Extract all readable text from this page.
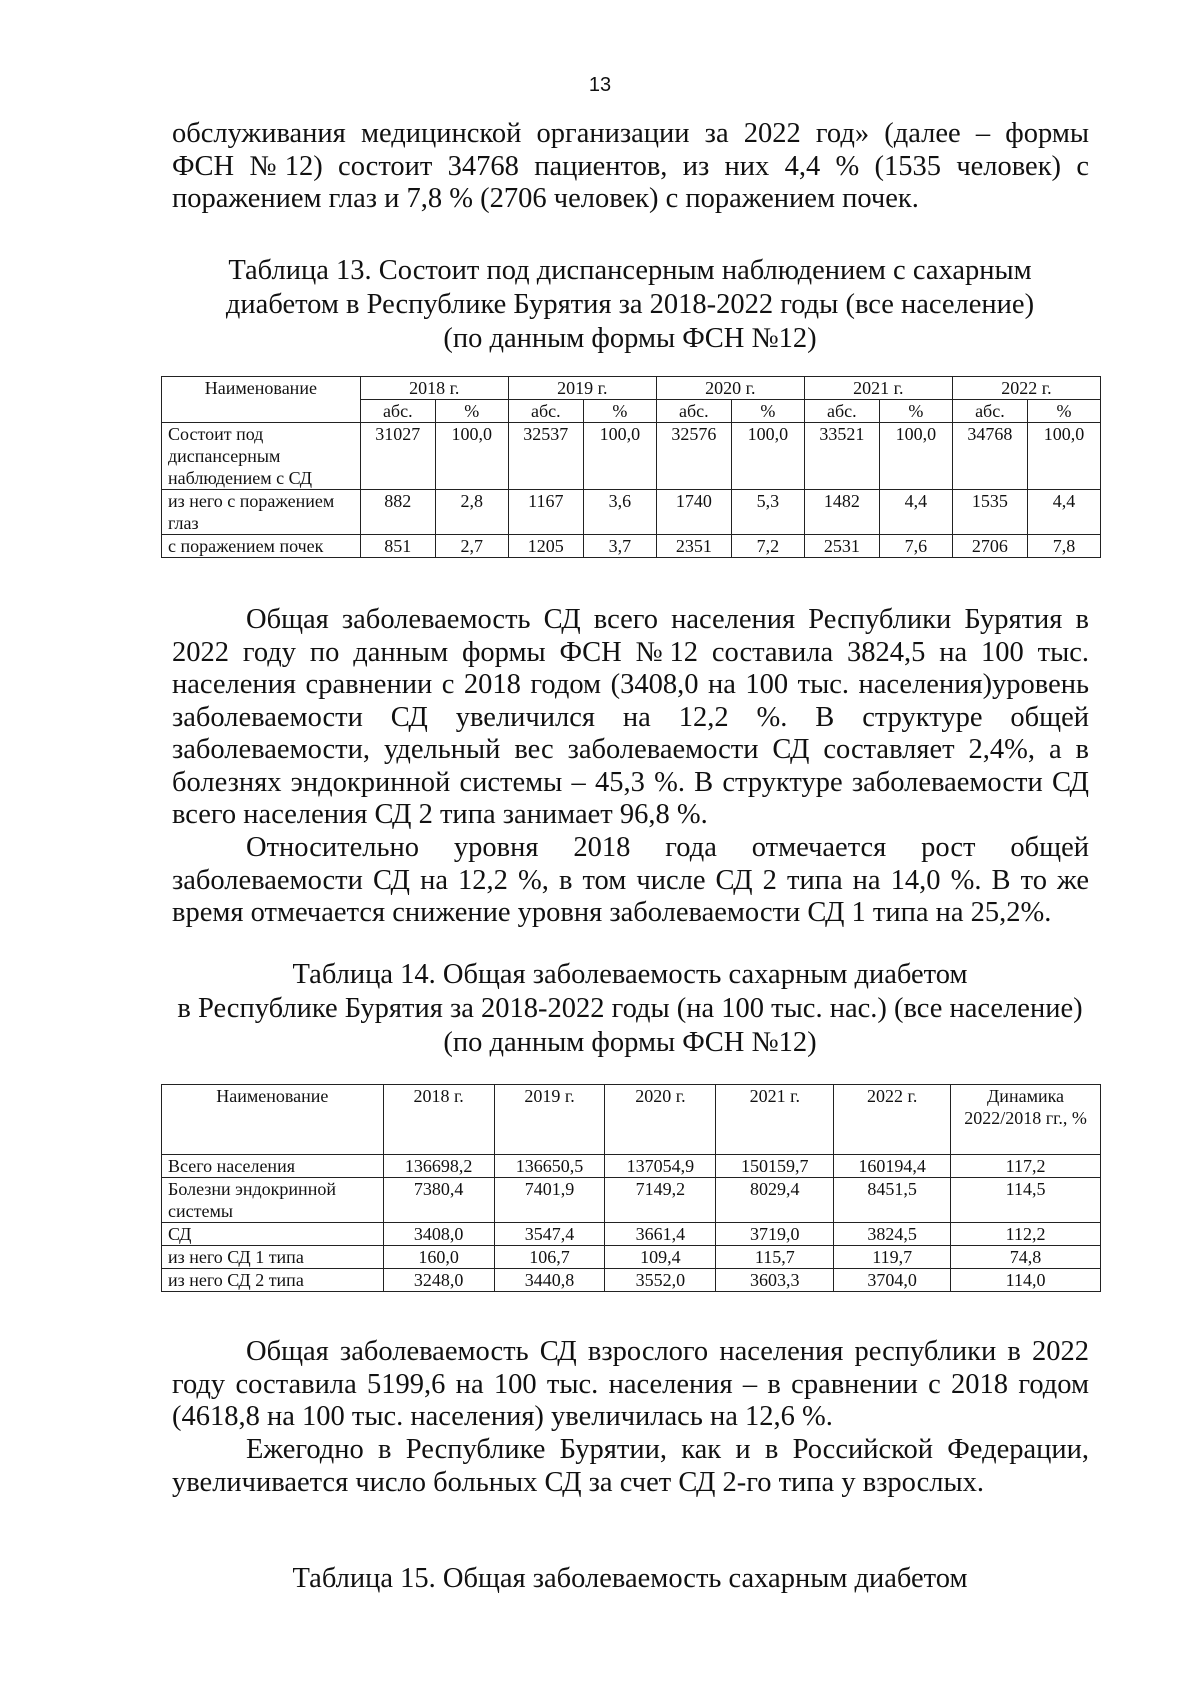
13

обслуживания медицинской организации за 2022 год» (далее – формы ФСН №12) состоит 34768 пациентов, из них 4,4 % (1535 человек) с поражением глаз и 7,8 % (2706 человек) с поражением почек.

Таблица 13. Состоит под диспансерным наблюдением с сахарным
диабетом в Республике Бурятия за 2018-2022 годы (все население)
(по данным формы ФСН №12)
Наименование	2018 г.		2019 г.		2020 г.		2021 г.		2022 г.	
	абс.	%	абс.	%	абс.	%	абс.	%	абс.	%
Состоит под диспансерным наблюдением с СД	31027	100,0	32537	100,0	32576	100,0	33521	100,0	34768	100,0
из него с поражением глаз	882	2,8	1167	3,6	1740	5,3	1482	4,4	1535	4,4
с поражением почек	851	2,7	1205	3,7	2351	7,2	2531	7,6	2706	7,8

Общая заболеваемость СД всего населения Республики Бурятия в 2022 году по данным формы ФСН №12 составила 3824,5 на 100 тыс. населения сравнении с 2018 годом (3408,0 на 100 тыс. населения)уровень заболеваемости СД увеличился на 12,2 %. В структуре общей заболеваемости, удельный вес заболеваемости СД составляет 2,4%, а в болезнях эндокринной системы – 45,3 %. В структуре заболеваемости СД всего населения СД 2 типа занимает 96,8 %.

Относительно уровня 2018 года отмечается рост общей заболеваемости СД на 12,2 %, в том числе СД 2 типа на 14,0 %. В то же время отмечается снижение уровня заболеваемости СД 1 типа на 25,2%.

Таблица 14. Общая заболеваемость сахарным диабетом
в Республике Бурятия за 2018-2022 годы (на 100 тыс. нас.) (все население)
(по данным формы ФСН №12)
Наименование	2018 г.	2019 г.	2020 г.	2021 г.	2022 г.	Динамика 2022/2018 гг., %
Всего населения	136698,2	136650,5	137054,9	150159,7	160194,4	117,2
Болезни эндокринной системы	7380,4	7401,9	7149,2	8029,4	8451,5	114,5
СД	3408,0	3547,4	3661,4	3719,0	3824,5	112,2
из него СД 1 типа	160,0	106,7	109,4	115,7	119,7	74,8
из него СД 2 типа	3248,0	3440,8	3552,0	3603,3	3704,0	114,0

Общая заболеваемость СД взрослого населения республики в 2022 году составила 5199,6 на 100 тыс. населения – в сравнении с 2018 годом (4618,8 на 100 тыс. населения) увеличилась на 12,6 %.

Ежегодно в Республике Бурятии, как и в Российской Федерации, увеличивается число больных СД за счет СД 2-го типа у взрослых.

Таблица 15. Общая заболеваемость сахарным диабетом
